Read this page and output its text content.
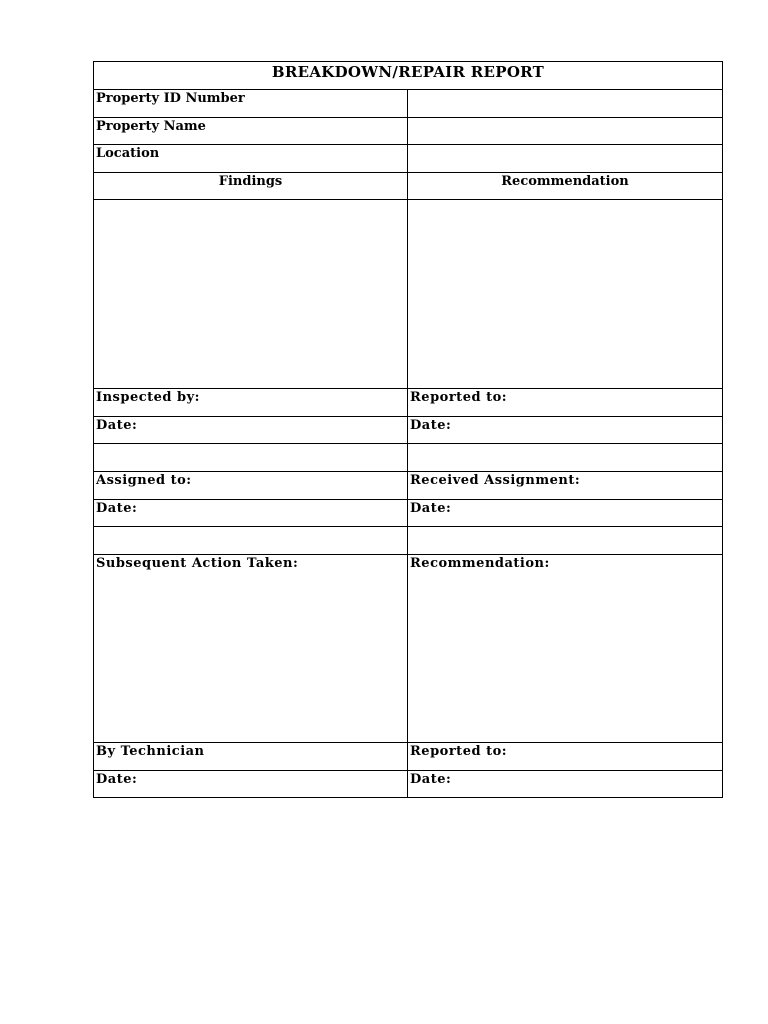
BREAKDOWN/REPAIR REPORT	
Property ID Number	
Property Name	
Location	
Findings	Recommendation

Inspected by:	Reported to:
Date:	Date:

Assigned to:	Received Assignment:
Date:	Date:

Subsequent Action Taken:	Recommendation:
By Technician	Reported to:
Date:	Date:
